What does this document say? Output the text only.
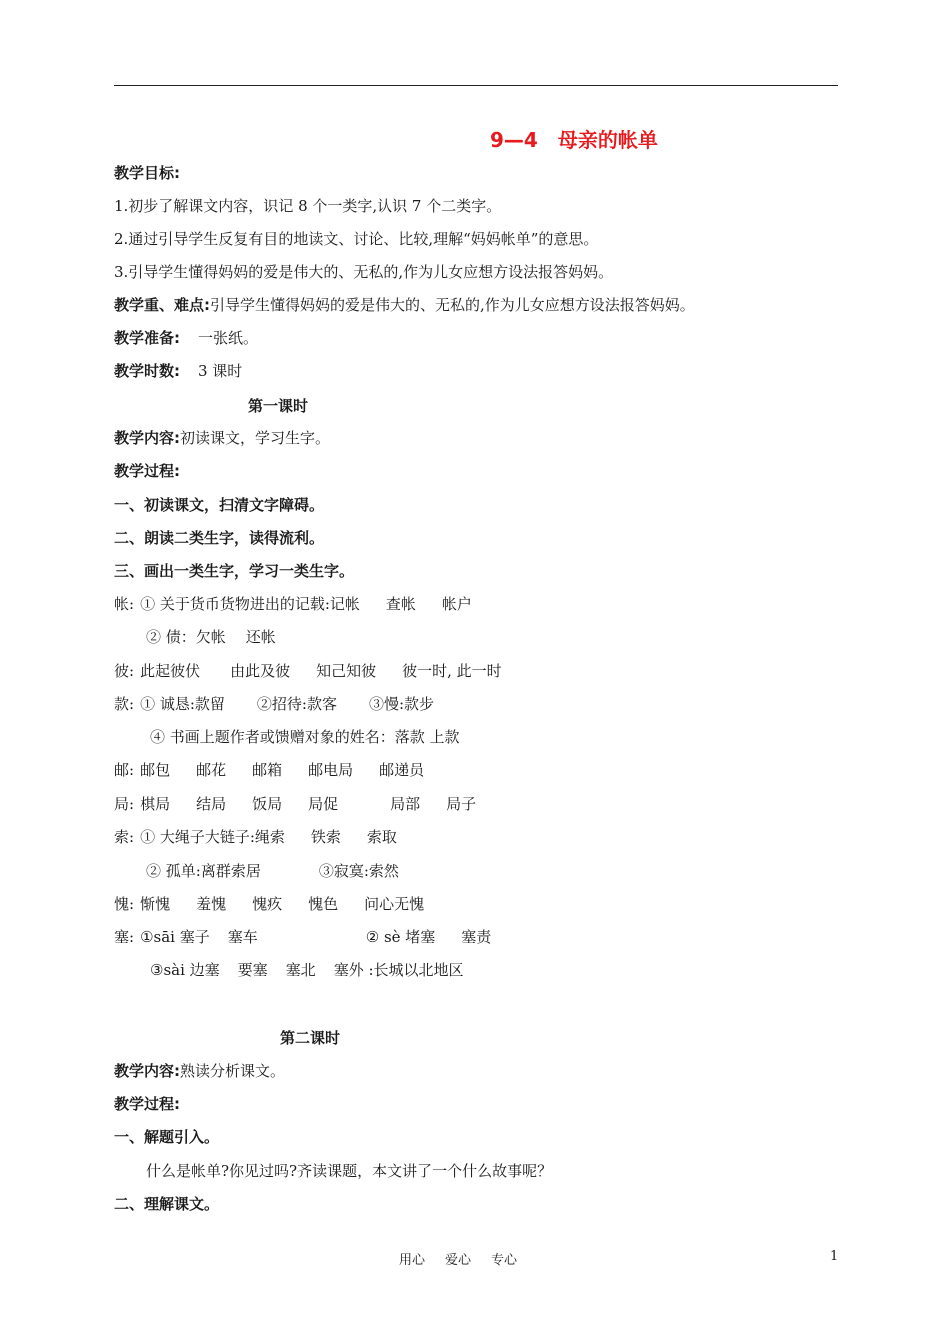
9—4 母亲的帐单
教学目标:
1.初步了解课文内容，识记 8 个一类字,认识 7 个二类字。
2.通过引导学生反复有目的地读文、讨论、比较,理解“妈妈帐单”的意思。
3.引导学生懂得妈妈的爱是伟大的、无私的,作为儿女应想方设法报答妈妈。
教学重、难点:引导学生懂得妈妈的爱是伟大的、无私的,作为儿女应想方设法报答妈妈。
教学准备: 一张纸。
教学时数: 3 课时
第一课时
教学内容:初读课文，学习生字。
教学过程:
一、初读课文，扫清文字障碍。
二、朗读二类生字，读得流利。
三、画出一类生字，学习一类生字。
帐: ① 关于货币货物进出的记载:记帐 查帐 帐户
② 债：欠帐 还帐
彼: 此起彼伏 由此及彼 知己知彼 彼一时, 此一时
款: ① 诚恳:款留 ②招待:款客 ③慢:款步
④ 书画上题作者或馈赠对象的姓名：落款 上款
邮: 邮包 邮花 邮箱 邮电局 邮递员
局: 棋局 结局 饭局 局促	局部 局子
索: ① 大绳子大链子:绳索 铁索 索取
② 孤单:离群索居	③寂寞:索然
愧: 惭愧 羞愧 愧疚 愧色 问心无愧
塞: ①sāi 塞子 塞车	② sè 堵塞 塞责
③sài 边塞 要塞 塞北 塞外 :长城以北地区
第二课时
教学内容:熟读分析课文。
教学过程:
一、解题引入。
什么是帐单?你见过吗?齐读课题，本文讲了一个什么故事呢？
二、理解课文。
用心 爱心 专心	1
